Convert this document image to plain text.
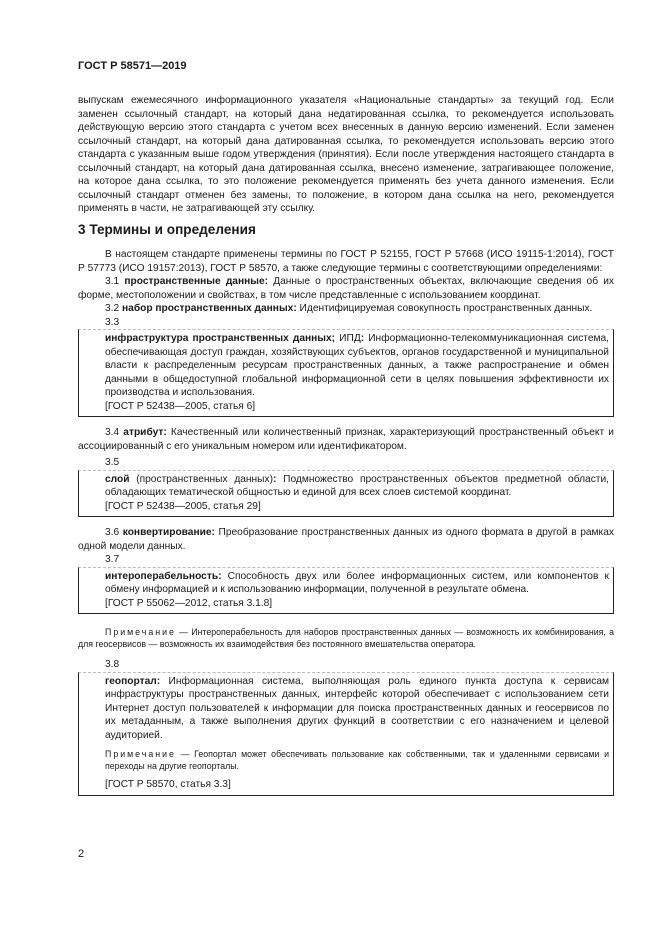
ГОСТ Р 58571—2019

выпускам ежемесячного информационного указателя «Национальные стандарты» за текущий год. Если заменен ссылочный стандарт, на который дана недатированная ссылка, то рекомендуется использовать действующую версию этого стандарта с учетом всех внесенных в данную версию изменений. Если заменен ссылочный стандарт, на который дана датированная ссылка, то рекомендуется использовать версию этого стандарта с указанным выше годом утверждения (принятия). Если после утверждения настоящего стандарта в ссылочный стандарт, на который дана датированная ссылка, внесено изменение, затрагивающее положение, на которое дана ссылка, то это положение рекомендуется применять без учета данного изменения. Если ссылочный стандарт отменен без замены, то положение, в котором дана ссылка на него, рекомендуется применять в части, не затрагивающей эту ссылку.

3 Термины и определения

В настоящем стандарте применены термины по ГОСТ Р 52155, ГОСТ Р 57668 (ИСО 19115-1:2014), ГОСТ Р 57773 (ИСО 19157:2013), ГОСТ Р 58570, а также следующие термины с соответствующими определениями:

3.1 пространственные данные: Данные о пространственных объектах, включающие сведения об их форме, местоположении и свойствах, в том числе представленные с использованием координат.

3.2 набор пространственных данных: Идентифицируемая совокупность пространственных данных.

3.3

инфраструктура пространственных данных; ИПД: Информационно-телекоммуникационная система, обеспечивающая доступ граждан, хозяйствующих субъектов, органов государственной и муниципальной власти к распределенным ресурсам пространственных данных, а также распространение и обмен данными в общедоступной глобальной информационной сети в целях повышения эффективности их производства и использования.

[ГОСТ Р 52438—2005, статья 6]

3.4 атрибут: Качественный или количественный признак, характеризующий пространственный объект и ассоциированный с его уникальным номером или идентификатором.

3.5

слой (пространственных данных): Подмножество пространственных объектов предметной области, обладающих тематической общностью и единой для всех слоев системой координат.

[ГОСТ Р 52438—2005, статья 29]

3.6 конвертирование: Преобразование пространственных данных из одного формата в другой в рамках одной модели данных.

3.7

интероперабельность: Способность двух или более информационных систем, или компонентов к обмену информацией и к использованию информации, полученной в результате обмена.

[ГОСТ Р 55062—2012, статья 3.1.8]

Примечание — Интероперабельность для наборов пространственных данных — возможность их комбинирования, а для геосервисов — возможность их взаимодействия без постоянного вмешательства оператора.

3.8

геопортал: Информационная система, выполняющая роль единого пункта доступа к сервисам инфраструктуры пространственных данных, интерфейс которой обеспечивает с использованием сети Интернет доступ пользователей к информации для поиска пространственных данных и геосервисов по их метаданным, а также выполнения других функций в соответствии с его назначением и целевой аудиторией.

Примечание — Геопортал может обеспечивать пользование как собственными, так и удаленными сервисами и переходы на другие геопорталы.

[ГОСТ Р 58570, статья 3.3]

2
